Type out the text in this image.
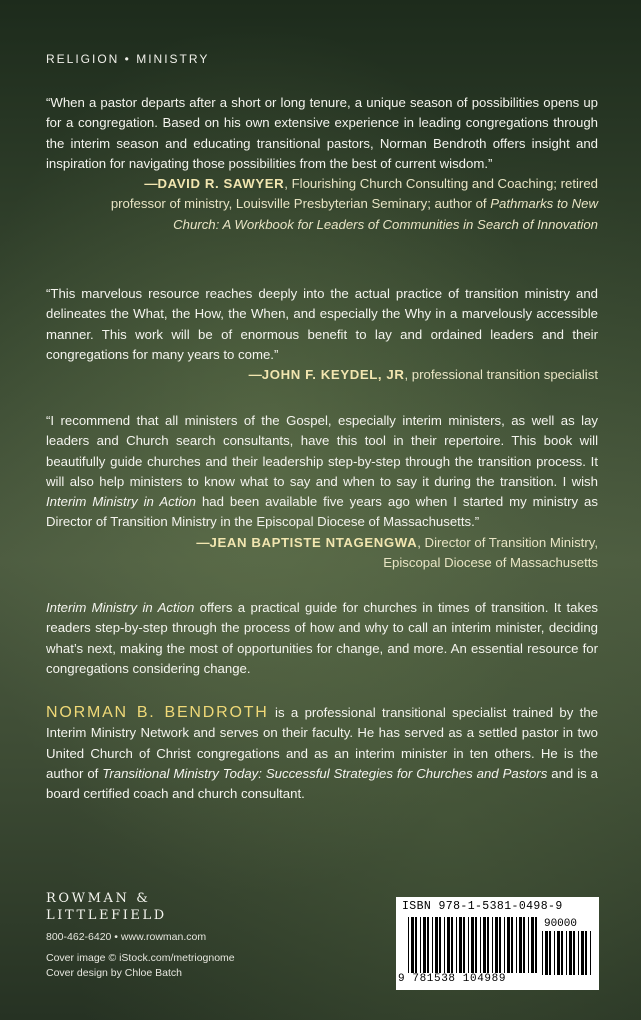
RELIGION • MINISTRY
“When a pastor departs after a short or long tenure, a unique season of possibilities opens up for a congregation. Based on his own extensive experience in leading congregations through the interim season and educating transitional pastors, Norman Bendroth offers insight and inspiration for navigating those possibilities from the best of current wisdom.”
—DAVID R. SAWYER, Flourishing Church Consulting and Coaching; retired professor of ministry, Louisville Presbyterian Seminary; author of Pathmarks to New Church: A Workbook for Leaders of Communities in Search of Innovation
“This marvelous resource reaches deeply into the actual practice of transition ministry and delineates the What, the How, the When, and especially the Why in a marvelously accessible manner. This work will be of enormous benefit to lay and ordained leaders and their congregations for many years to come.”
—JOHN F. KEYDEL, JR, professional transition specialist
“I recommend that all ministers of the Gospel, especially interim ministers, as well as lay leaders and Church search consultants, have this tool in their repertoire. This book will beautifully guide churches and their leadership step-by-step through the transition process. It will also help ministers to know what to say and when to say it during the transition. I wish Interim Ministry in Action had been available five years ago when I started my ministry as Director of Transition Ministry in the Episcopal Diocese of Massachusetts.”
—JEAN BAPTISTE NTAGENGWA, Director of Transition Ministry,
Episcopal Diocese of Massachusetts
Interim Ministry in Action offers a practical guide for churches in times of transition. It takes readers step-by-step through the process of how and why to call an interim minister, deciding what’s next, making the most of opportunities for change, and more. An essential resource for congregations considering change.
NORMAN B. BENDROTH is a professional transitional specialist trained by the Interim Ministry Network and serves on their faculty. He has served as a settled pastor in two United Church of Christ congregations and as an interim minister in ten others. He is the author of Transitional Ministry Today: Successful Strategies for Churches and Pastors and is a board certified coach and church consultant.
ROWMAN &
LITTLEFIELD
800-462-6420 • www.rowman.com
Cover image © iStock.com/metriognome
Cover design by Chloe Batch
ISBN 978-1-5381-0498-9
90000
9 781538 104989
